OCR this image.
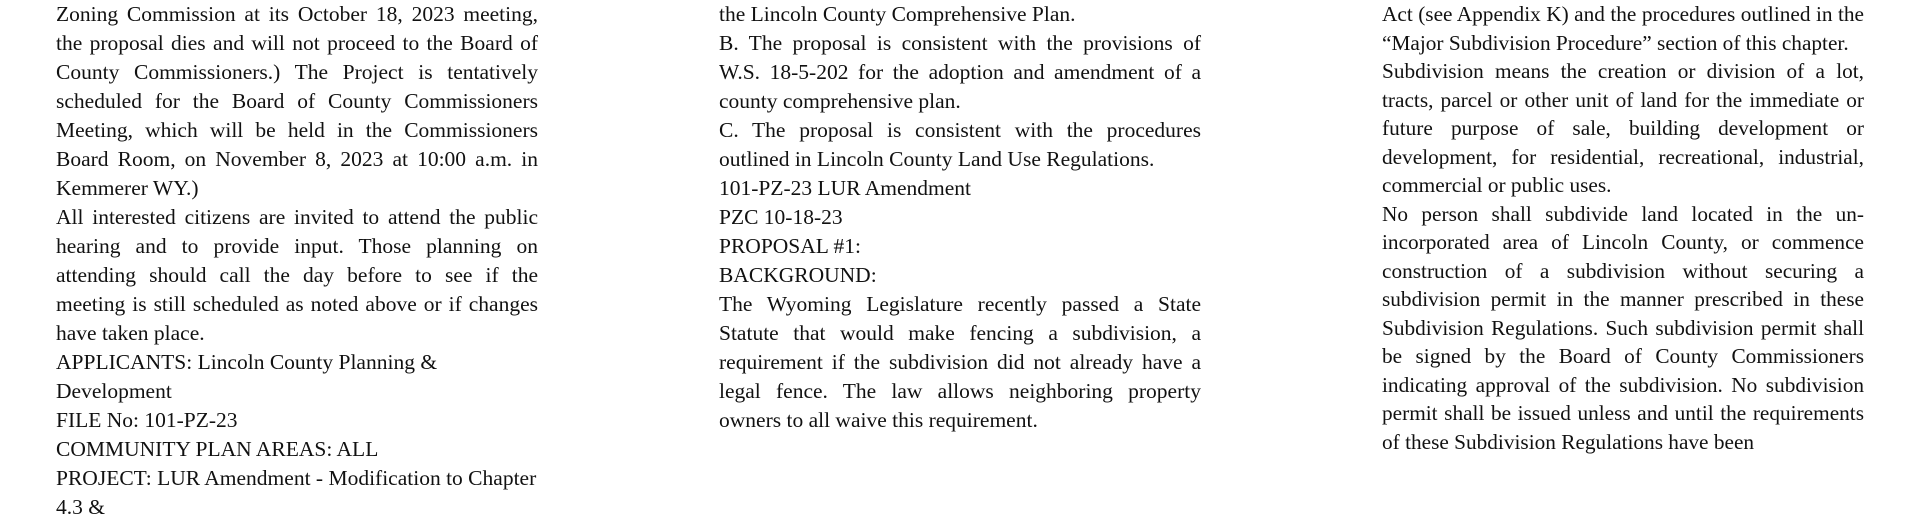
Zoning Commission at its October 18, 2023 meeting, the proposal dies and will not proceed to the Board of County Commissioners.) The Project is tentatively scheduled for the Board of County Commissioners Meeting, which will be held in the Commissioners Board Room, on November 8, 2023 at 10:00 a.m. in Kemmerer WY.)

All interested citizens are invited to attend the public hearing and to provide input. Those planning on attending should call the day before to see if the meeting is still scheduled as noted above or if changes have taken place.

APPLICANTS: Lincoln County Planning & Development

FILE No: 101-PZ-23

COMMUNITY PLAN AREAS: ALL

PROJECT: LUR Amendment - Modification to Chapter 4.3 &

the Lincoln County Comprehensive Plan.

B. The proposal is consistent with the provisions of W.S. 18-5-202 for the adoption and amendment of a county comprehensive plan.

C. The proposal is consistent with the procedures outlined in Lincoln County Land Use Regulations.

101-PZ-23 LUR Amendment

PZC 10-18-23

PROPOSAL #1:

BACKGROUND:

The Wyoming Legislature recently passed a State Statute that would make fencing a subdivision, a requirement if the subdivision did not already have a legal fence. The law allows neighboring property owners to all waive this requirement.

Act (see Appendix K) and the procedures outlined in the “Major Subdivision Procedure” section of this chapter.

Subdivision means the creation or division of a lot, tracts, parcel or other unit of land for the immediate or future purpose of sale, building development or development, for residential, recreational, industrial, commercial or public uses.

No person shall subdivide land located in the un-incorporated area of Lincoln County, or commence construction of a subdivision without securing a subdivision permit in the manner prescribed in these Subdivision Regulations. Such subdivision permit shall be signed by the Board of County Commissioners indicating approval of the subdivision. No subdivision permit shall be issued unless and until the requirements of these Subdivision Regulations have been
